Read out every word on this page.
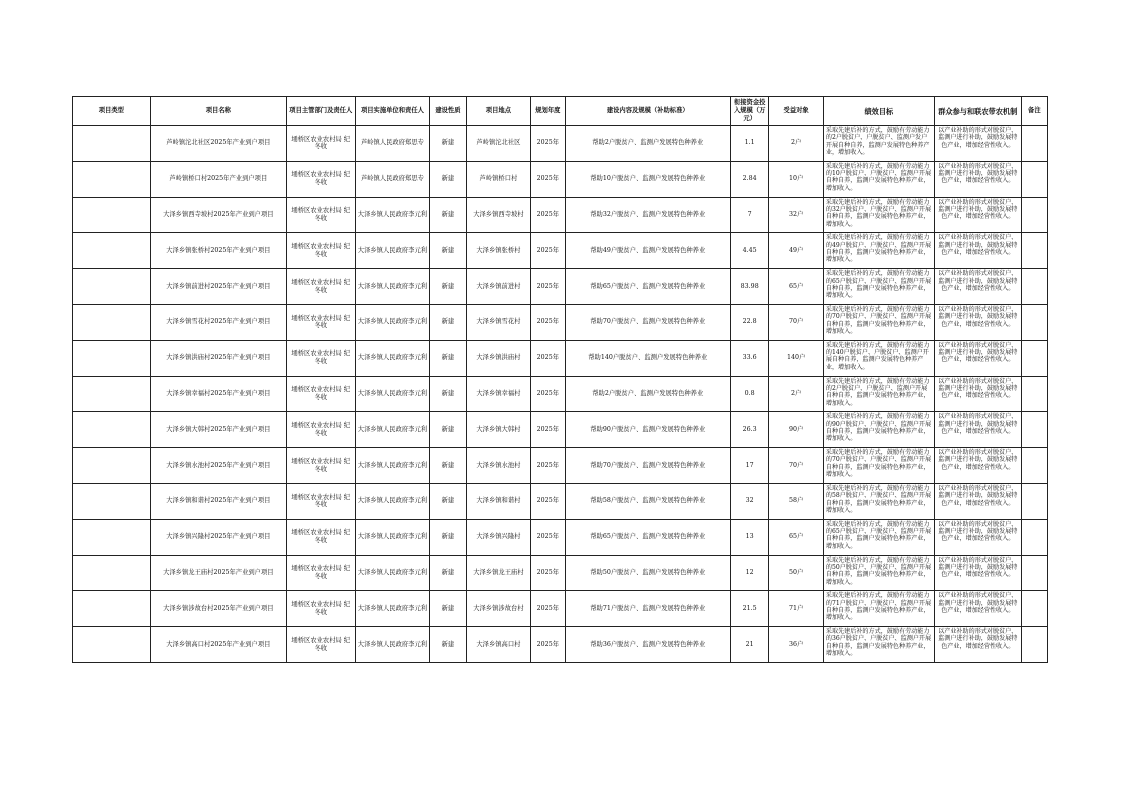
项目类型	项目名称	项目主管部门及责任人	项目实施单位和责任人	建设性质	项目地点	规划年度	建设内容及规模（补助标准）	衔接资金投入规模（万元）	受益对象	绩效目标	群众参与和联农带农机制	备注
	芦岭镇沱北社区2025年产业到户项目	埇桥区农业农村局 纪冬收	芦岭镇人民政府郑思专	新建	芦岭镇沱北社区	2025年	帮助2户脱贫户、监测户发展特色种养业	1.1	2户	采取先建后补的方式，鼓励有劳动能力的2户脱贫户、户脱贫户、监测户发户开展自种自养，监测户发展特色种养产业，增加收入。	以产业补助的形式对脱贫户、监测户进行补助，鼓励发展特色产业，增加经营性收入。	
	芦岭镇桥口村2025年产业到户项目	埇桥区农业农村局 纪冬收	芦岭镇人民政府郑思专	新建	芦岭镇桥口村	2025年	帮助10户脱贫户、监测户发展特色种养业	2.84	10户	采取先建后补的方式，鼓励有劳动能力的10户脱贫户、户脱贫户、监测户开展自种自养，监测户发展特色种养产业，增加收入。	以产业补助的形式对脱贫户、监测户进行补助，鼓励发展特色产业，增加经营性收入。	
	大泽乡镇西寺坡村2025年产业到户项目	埇桥区农业农村局 纪冬收	大泽乡镇人民政府李元利	新建	大泽乡镇西寺坡村	2025年	帮助32户脱贫户、监测户发展特色种养业	7	32户	采取先建后补的方式，鼓励有劳动能力的32户脱贫户、户脱贫户、监测户开展自种自养，监测户发展特色种养产业，增加收入。	以产业补助的形式对脱贫户、监测户进行补助，鼓励发展特色产业，增加经营性收入。	
	大泽乡镇张桥村2025年产业到户项目	埇桥区农业农村局 纪冬收	大泽乡镇人民政府李元利	新建	大泽乡镇张桥村	2025年	帮助49户脱贫户、监测户发展特色种养业	4.45	49户	采取先建后补的方式，鼓励有劳动能力的49户脱贫户、户脱贫户、监测户开展自种自养，监测户发展特色种养产业，增加收入。	以产业补助的形式对脱贫户、监测户进行补助，鼓励发展特色产业，增加经营性收入。	
	大泽乡镇前进村2025年产业到户项目	埇桥区农业农村局 纪冬收	大泽乡镇人民政府李元利	新建	大泽乡镇前进村	2025年	帮助65户脱贫户、监测户发展特色种养业	83.98	65户	采取先建后补的方式，鼓励有劳动能力的65户脱贫户、户脱贫户、监测户开展自种自养，监测户发展特色种养产业，增加收入。	以产业补助的形式对脱贫户、监测户进行补助，鼓励发展特色产业，增加经营性收入。	
	大泽乡镇雪花村2025年产业到户项目	埇桥区农业农村局 纪冬收	大泽乡镇人民政府李元利	新建	大泽乡镇雪花村	2025年	帮助70户脱贫户、监测户发展特色种养业	22.8	70户	采取先建后补的方式，鼓励有劳动能力的70户脱贫户、户脱贫户、监测户开展自种自养，监测户发展特色种养产业，增加收入。	以产业补助的形式对脱贫户、监测户进行补助，鼓励发展特色产业，增加经营性收入。	
	大泽乡镇洪庙村2025年产业到户项目	埇桥区农业农村局 纪冬收	大泽乡镇人民政府李元利	新建	大泽乡镇洪庙村	2025年	帮助140户脱贫户、监测户发展特色种养业	33.6	140户	采取先建后补的方式，鼓励有劳动能力的140户脱贫户、户脱贫户、监测户开展自种自养，监测户发展特色种养产业，增加收入。	以产业补助的形式对脱贫户、监测户进行补助，鼓励发展特色产业，增加经营性收入。	
	大泽乡镇幸福村2025年产业到户项目	埇桥区农业农村局 纪冬收	大泽乡镇人民政府李元利	新建	大泽乡镇幸福村	2025年	帮助2户脱贫户、监测户发展特色种养业	0.8	2户	采取先建后补的方式，鼓励有劳动能力的2户脱贫户、户脱贫户、监测户开展自种自养，监测户发展特色种养产业，增加收入。	以产业补助的形式对脱贫户、监测户进行补助，鼓励发展特色产业，增加经营性收入。	
	大泽乡镇大韩村2025年产业到户项目	埇桥区农业农村局 纪冬收	大泽乡镇人民政府李元利	新建	大泽乡镇大韩村	2025年	帮助90户脱贫户、监测户发展特色种养业	26.3	90户	采取先建后补的方式，鼓励有劳动能力的90户脱贫户、户脱贫户、监测户开展自种自养，监测户发展特色种养产业，增加收入。	以产业补助的形式对脱贫户、监测户进行补助，鼓励发展特色产业，增加经营性收入。	
	大泽乡镇水池村2025年产业到户项目	埇桥区农业农村局 纪冬收	大泽乡镇人民政府李元利	新建	大泽乡镇水池村	2025年	帮助70户脱贫户、监测户发展特色种养业	17	70户	采取先建后补的方式，鼓励有劳动能力的70户脱贫户、户脱贫户、监测户开展自种自养，监测户发展特色种养产业，增加收入。	以产业补助的形式对脱贫户、监测户进行补助，鼓励发展特色产业，增加经营性收入。	
	大泽乡镇和谐村2025年产业到户项目	埇桥区农业农村局 纪冬收	大泽乡镇人民政府李元利	新建	大泽乡镇和谐村	2025年	帮助58户脱贫户、监测户发展特色种养业	32	58户	采取先建后补的方式，鼓励有劳动能力的58户脱贫户、户脱贫户、监测户开展自种自养，监测户发展特色种养产业，增加收入。	以产业补助的形式对脱贫户、监测户进行补助，鼓励发展特色产业，增加经营性收入。	
	大泽乡镇兴隆村2025年产业到户项目	埇桥区农业农村局 纪冬收	大泽乡镇人民政府李元利	新建	大泽乡镇兴隆村	2025年	帮助65户脱贫户、监测户发展特色种养业	13	65户	采取先建后补的方式，鼓励有劳动能力的65户脱贫户、户脱贫户、监测户开展自种自养，监测户发展特色种养产业，增加收入。	以产业补助的形式对脱贫户、监测户进行补助，鼓励发展特色产业，增加经营性收入。	
	大泽乡镇龙王庙村2025年产业到户项目	埇桥区农业农村局 纪冬收	大泽乡镇人民政府李元利	新建	大泽乡镇龙王庙村	2025年	帮助50户脱贫户、监测户发展特色种养业	12	50户	采取先建后补的方式，鼓励有劳动能力的50户脱贫户、户脱贫户、监测户开展自种自养，监测户发展特色种养产业，增加收入。	以产业补助的形式对脱贫户、监测户进行补助，鼓励发展特色产业，增加经营性收入。	
	大泽乡镇涉故台村2025年产业到户项目	埇桥区农业农村局 纪冬收	大泽乡镇人民政府李元利	新建	大泽乡镇涉故台村	2025年	帮助71户脱贫户、监测户发展特色种养业	21.5	71户	采取先建后补的方式，鼓励有劳动能力的71户脱贫户、户脱贫户、监测户开展自种自养，监测户发展特色种养产业，增加收入。	以产业补助的形式对脱贫户、监测户进行补助，鼓励发展特色产业，增加经营性收入。	
	大泽乡镇高口村2025年产业到户项目	埇桥区农业农村局 纪冬收	大泽乡镇人民政府李元利	新建	大泽乡镇高口村	2025年	帮助36户脱贫户、监测户发展特色种养业	21	36户	采取先建后补的方式，鼓励有劳动能力的36户脱贫户、户脱贫户、监测户开展自种自养，监测户发展特色种养产业，增加收入。	以产业补助的形式对脱贫户、监测户进行补助，鼓励发展特色产业，增加经营性收入。	
